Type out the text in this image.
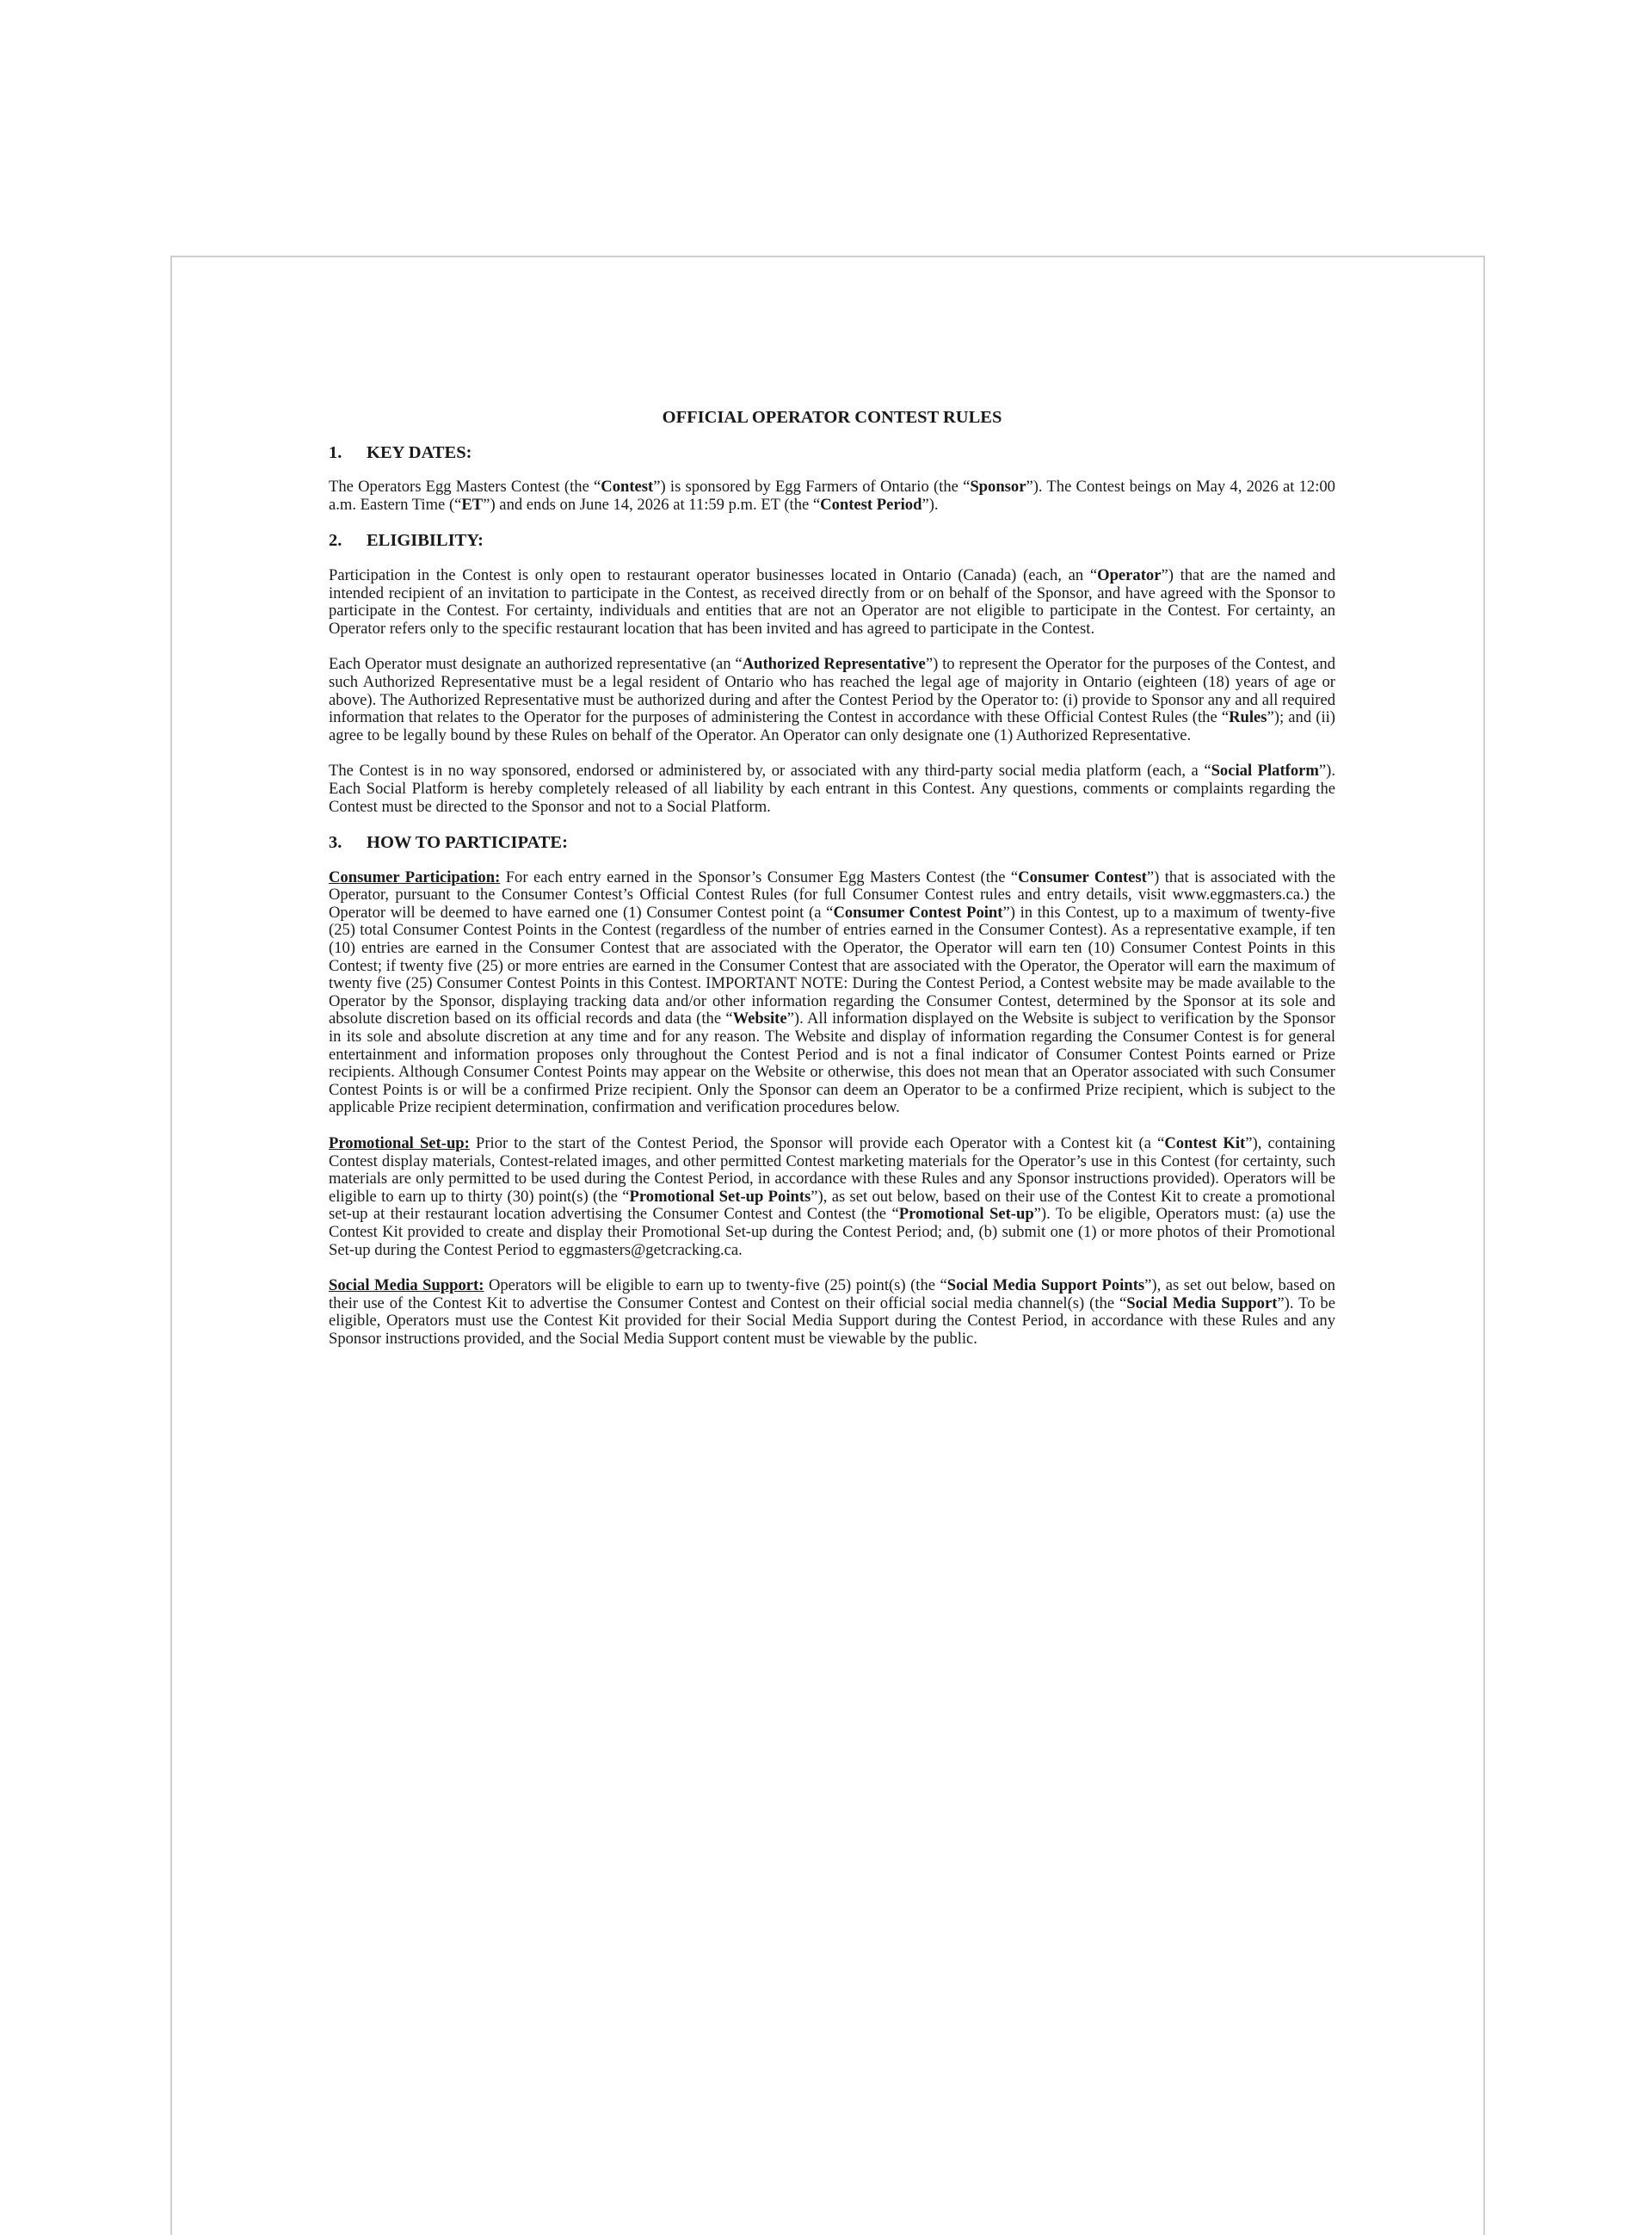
OFFICIAL OPERATOR CONTEST RULES
1.	KEY DATES:

The Operators Egg Masters Contest (the “Contest”) is sponsored by Egg Farmers of Ontario (the “Sponsor”). The Contest beings on May 4, 2026 at 12:00 a.m. Eastern Time (“ET”) and ends on June 14, 2026 at 11:59 p.m. ET (the “Contest Period”).

2.	ELIGIBILITY:

Participation in the Contest is only open to restaurant operator businesses located in Ontario (Canada) (each, an “Operator”) that are the named and intended recipient of an invitation to participate in the Contest, as received directly from or on behalf of the Sponsor, and have agreed with the Sponsor to participate in the Contest. For certainty, individuals and entities that are not an Operator are not eligible to participate in the Contest. For certainty, an Operator refers only to the specific restaurant location that has been invited and has agreed to participate in the Contest.

Each Operator must designate an authorized representative (an “Authorized Representative”) to represent the Operator for the purposes of the Contest, and such Authorized Representative must be a legal resident of Ontario who has reached the legal age of majority in Ontario (eighteen (18) years of age or above). The Authorized Representative must be authorized during and after the Contest Period by the Operator to: (i) provide to Sponsor any and all required information that relates to the Operator for the purposes of administering the Contest in accordance with these Official Contest Rules (the “Rules”); and (ii) agree to be legally bound by these Rules on behalf of the Operator. An Operator can only designate one (1) Authorized Representative.

The Contest is in no way sponsored, endorsed or administered by, or associated with any third-party social media platform (each, a “Social Platform”). Each Social Platform is hereby completely released of all liability by each entrant in this Contest. Any questions, comments or complaints regarding the Contest must be directed to the Sponsor and not to a Social Platform.

3.	HOW TO PARTICIPATE:

Consumer Participation: For each entry earned in the Sponsor’s Consumer Egg Masters Contest (the “Consumer Contest”) that is associated with the Operator, pursuant to the Consumer Contest’s Official Contest Rules (for full Consumer Contest rules and entry details, visit www.eggmasters.ca.) the Operator will be deemed to have earned one (1) Consumer Contest point (a “Consumer Contest Point”) in this Contest, up to a maximum of twenty-five (25) total Consumer Contest Points in the Contest (regardless of the number of entries earned in the Consumer Contest). As a representative example, if ten (10) entries are earned in the Consumer Contest that are associated with the Operator, the Operator will earn ten (10) Consumer Contest Points in this Contest; if twenty five (25) or more entries are earned in the Consumer Contest that are associated with the Operator, the Operator will earn the maximum of twenty five (25) Consumer Contest Points in this Contest. IMPORTANT NOTE: During the Contest Period, a Contest website may be made available to the Operator by the Sponsor, displaying tracking data and/or other information regarding the Consumer Contest, determined by the Sponsor at its sole and absolute discretion based on its official records and data (the “Website”). All information displayed on the Website is subject to verification by the Sponsor in its sole and absolute discretion at any time and for any reason. The Website and display of information regarding the Consumer Contest is for general entertainment and information proposes only throughout the Contest Period and is not a final indicator of Consumer Contest Points earned or Prize recipients. Although Consumer Contest Points may appear on the Website or otherwise, this does not mean that an Operator associated with such Consumer Contest Points is or will be a confirmed Prize recipient. Only the Sponsor can deem an Operator to be a confirmed Prize recipient, which is subject to the applicable Prize recipient determination, confirmation and verification procedures below.

Promotional Set-up: Prior to the start of the Contest Period, the Sponsor will provide each Operator with a Contest kit (a “Contest Kit”), containing Contest display materials, Contest-related images, and other permitted Contest marketing materials for the Operator’s use in this Contest (for certainty, such materials are only permitted to be used during the Contest Period, in accordance with these Rules and any Sponsor instructions provided). Operators will be eligible to earn up to thirty (30) point(s) (the “Promotional Set-up Points”), as set out below, based on their use of the Contest Kit to create a promotional set-up at their restaurant location advertising the Consumer Contest and Contest (the “Promotional Set-up”). To be eligible, Operators must: (a) use the Contest Kit provided to create and display their Promotional Set-up during the Contest Period; and, (b) submit one (1) or more photos of their Promotional Set-up during the Contest Period to eggmasters@getcracking.ca.

Social Media Support: Operators will be eligible to earn up to twenty-five (25) point(s) (the “Social Media Support Points”), as set out below, based on their use of the Contest Kit to advertise the Consumer Contest and Contest on their official social media channel(s) (the “Social Media Support”). To be eligible, Operators must use the Contest Kit provided for their Social Media Support during the Contest Period, in accordance with these Rules and any Sponsor instructions provided, and the Social Media Support content must be viewable by the public.
